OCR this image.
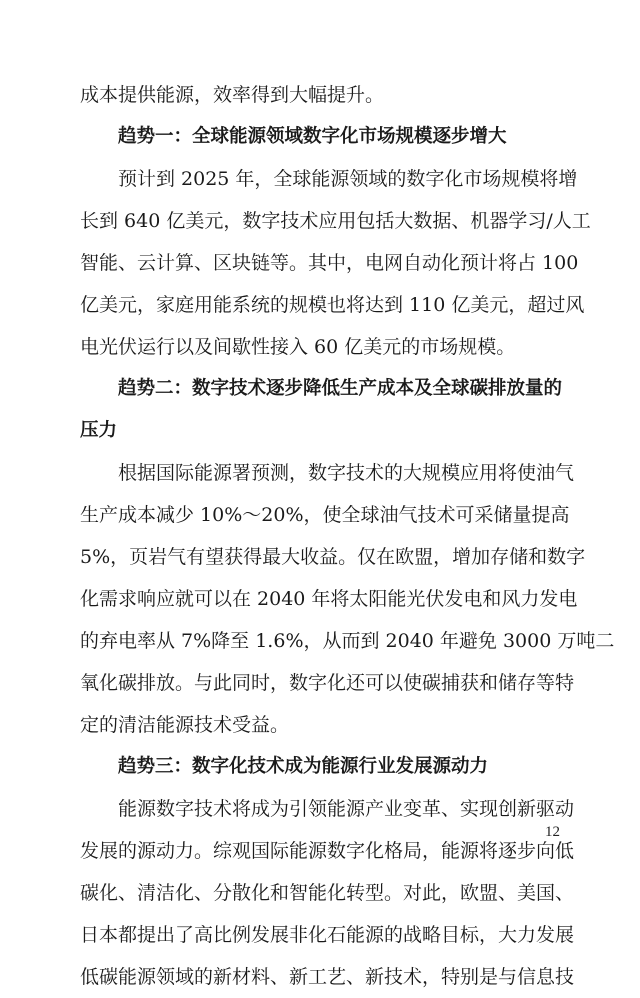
成本提供能源，效率得到大幅提升。
趋势一：全球能源领域数字化市场规模逐步增大
预计到 2025 年，全球能源领域的数字化市场规模将增
长到 640 亿美元，数字技术应用包括大数据、机器学习/人工
智能、云计算、区块链等。其中，电网自动化预计将占 100
亿美元，家庭用能系统的规模也将达到 110 亿美元，超过风
电光伏运行以及间歇性接入 60 亿美元的市场规模。
趋势二：数字技术逐步降低生产成本及全球碳排放量的
压力
根据国际能源署预测，数字技术的大规模应用将使油气
生产成本减少 10%～20%，使全球油气技术可采储量提高
5%，页岩气有望获得最大收益。仅在欧盟，增加存储和数字
化需求响应就可以在 2040 年将太阳能光伏发电和风力发电
的弃电率从 7%降至 1.6%，从而到 2040 年避免 3000 万吨二
氧化碳排放。与此同时，数字化还可以使碳捕获和储存等特
定的清洁能源技术受益。
趋势三：数字化技术成为能源行业发展源动力
能源数字技术将成为引领能源产业变革、实现创新驱动
发展的源动力。综观国际能源数字化格局，能源将逐步向低
碳化、清洁化、分散化和智能化转型。对此，欧盟、美国、
日本都提出了高比例发展非化石能源的战略目标，大力发展
低碳能源领域的新材料、新工艺、新技术，特别是与信息技
12
